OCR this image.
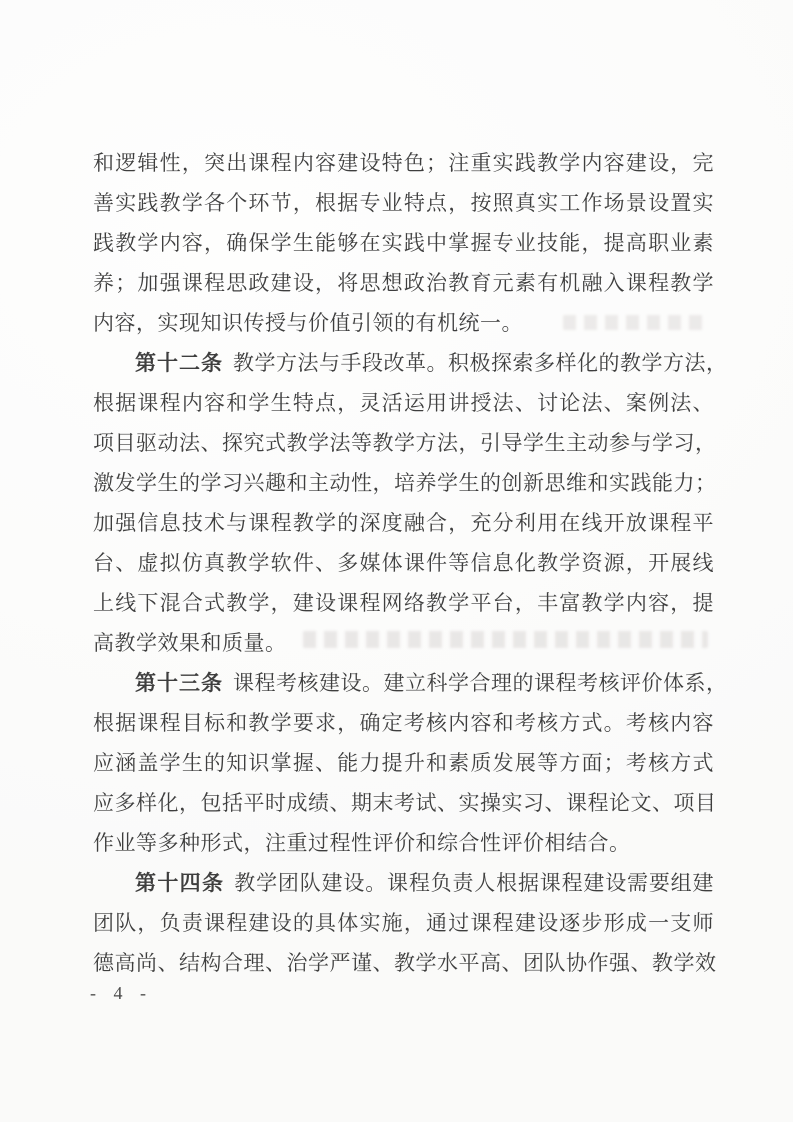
和逻辑性，突出课程内容建设特色；注重实践教学内容建设，完
善实践教学各个环节，根据专业特点，按照真实工作场景设置实
践教学内容，确保学生能够在实践中掌握专业技能，提高职业素
养；加强课程思政建设，将思想政治教育元素有机融入课程教学
内容，实现知识传授与价值引领的有机统一。
第十二条 教学方法与手段改革。积极探索多样化的教学方法，
根据课程内容和学生特点，灵活运用讲授法、讨论法、案例法、
项目驱动法、探究式教学法等教学方法，引导学生主动参与学习，
激发学生的学习兴趣和主动性，培养学生的创新思维和实践能力；
加强信息技术与课程教学的深度融合，充分利用在线开放课程平
台、虚拟仿真教学软件、多媒体课件等信息化教学资源，开展线
上线下混合式教学，建设课程网络教学平台，丰富教学内容，提
高教学效果和质量。
第十三条 课程考核建设。建立科学合理的课程考核评价体系，
根据课程目标和教学要求，确定考核内容和考核方式。考核内容
应涵盖学生的知识掌握、能力提升和素质发展等方面；考核方式
应多样化，包括平时成绩、期末考试、实操实习、课程论文、项目
作业等多种形式，注重过程性评价和综合性评价相结合。
第十四条 教学团队建设。课程负责人根据课程建设需要组建
团队，负责课程建设的具体实施，通过课程建设逐步形成一支师
德高尚、结构合理、治学严谨、教学水平高、团队协作强、教学效
- 4 -
